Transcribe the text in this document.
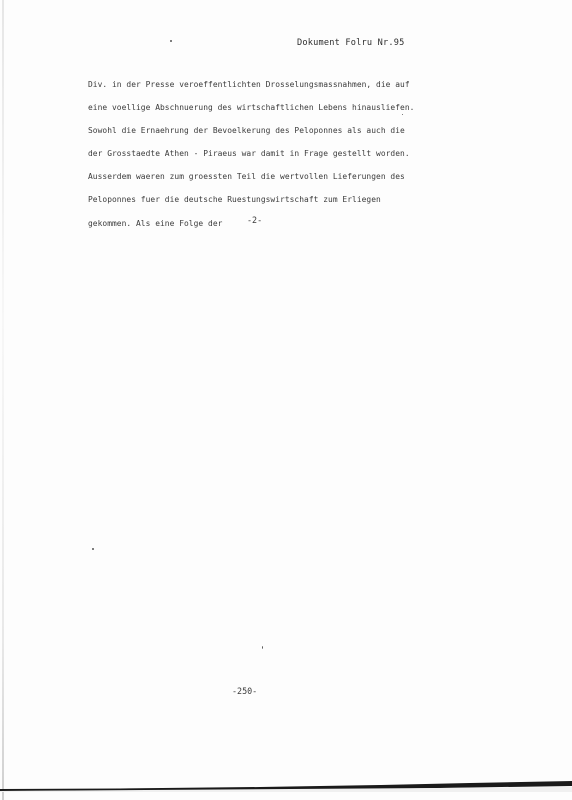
Dokument Folru Nr.95
Div. in der Presse veroeffentlichten Drosselungsmassnahmen, die auf
eine voellige Abschnuerung des wirtschaftlichen Lebens hinausliefen.
Sowohl die Ernaehrung der Bevoelkerung des Peloponnes als auch die
der Grosstaedte Athen - Piraeus war damit in Frage gestellt worden.
Ausserdem waeren zum groessten Teil die wertvollen Lieferungen des
Peloponnes fuer die deutsche Ruestungswirtschaft zum Erliegen
gekommen. Als eine Folge der	-2-
-250-
